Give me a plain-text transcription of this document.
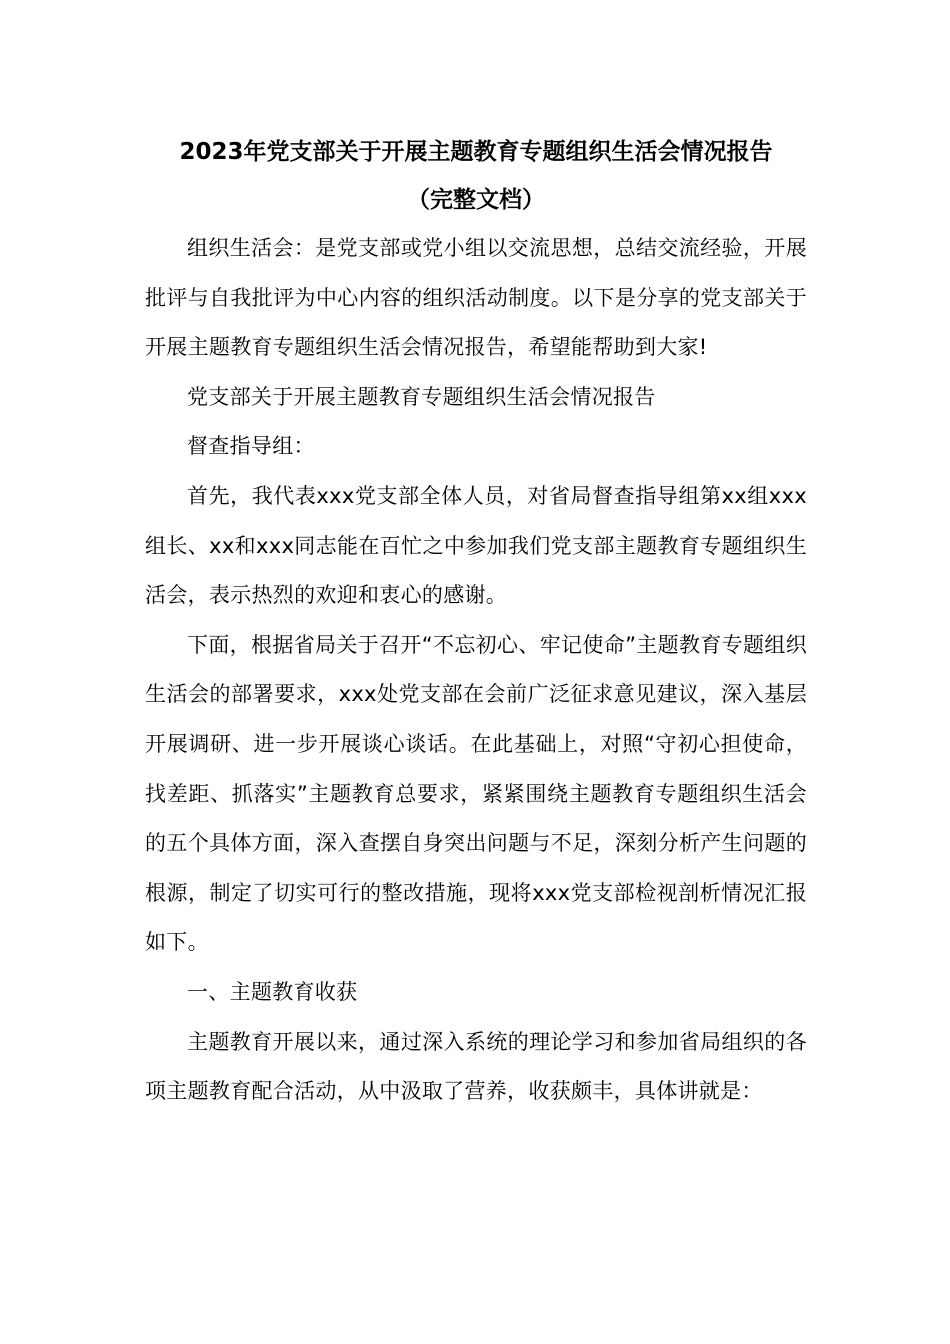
2023年党支部关于开展主题教育专题组织生活会情况报告

（完整文档）

组织生活会：是党支部或党小组以交流思想，总结交流经验，开展批评与自我批评为中心内容的组织活动制度。以下是分享的党支部关于开展主题教育专题组织生活会情况报告，希望能帮助到大家!

党支部关于开展主题教育专题组织生活会情况报告

督查指导组：

首先，我代表xxx党支部全体人员，对省局督查指导组第xx组xxx组长、xx和xxx同志能在百忙之中参加我们党支部主题教育专题组织生活会，表示热烈的欢迎和衷心的感谢。

下面，根据省局关于召开“不忘初心、牢记使命”主题教育专题组织生活会的部署要求，xxx处党支部在会前广泛征求意见建议，深入基层开展调研、进一步开展谈心谈话。在此基础上，对照“守初心担使命，找差距、抓落实”主题教育总要求，紧紧围绕主题教育专题组织生活会的五个具体方面，深入查摆自身突出问题与不足，深刻分析产生问题的根源，制定了切实可行的整改措施，现将xxx党支部检视剖析情况汇报如下。

一、主题教育收获

主题教育开展以来，通过深入系统的理论学习和参加省局组织的各项主题教育配合活动，从中汲取了营养，收获颇丰，具体讲就是：
